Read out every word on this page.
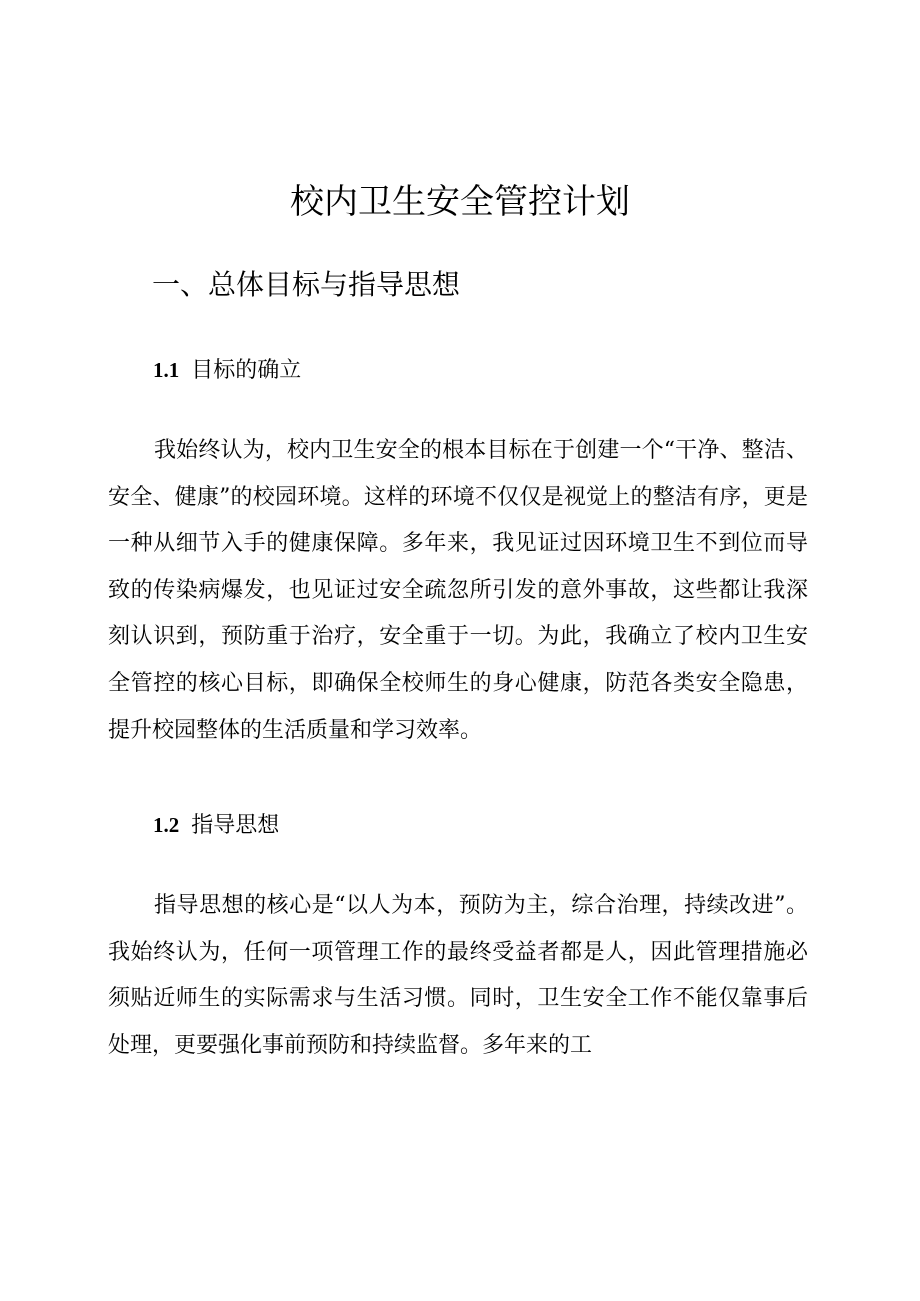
校内卫生安全管控计划
一、总体目标与指导思想
1.1 目标的确立

我始终认为，校内卫生安全的根本目标在于创建一个“干净、整洁、安全、健康”的校园环境。这样的环境不仅仅是视觉上的整洁有序，更是一种从细节入手的健康保障。多年来，我见证过因环境卫生不到位而导致的传染病爆发，也见证过安全疏忽所引发的意外事故，这些都让我深刻认识到，预防重于治疗，安全重于一切。为此，我确立了校内卫生安全管控的核心目标，即确保全校师生的身心健康，防范各类安全隐患，提升校园整体的生活质量和学习效率。

1.2 指导思想

指导思想的核心是“以人为本，预防为主，综合治理，持续改进”。我始终认为，任何一项管理工作的最终受益者都是人，因此管理措施必须贴近师生的实际需求与生活习惯。同时，卫生安全工作不能仅靠事后处理，更要强化事前预防和持续监督。多年来的工
